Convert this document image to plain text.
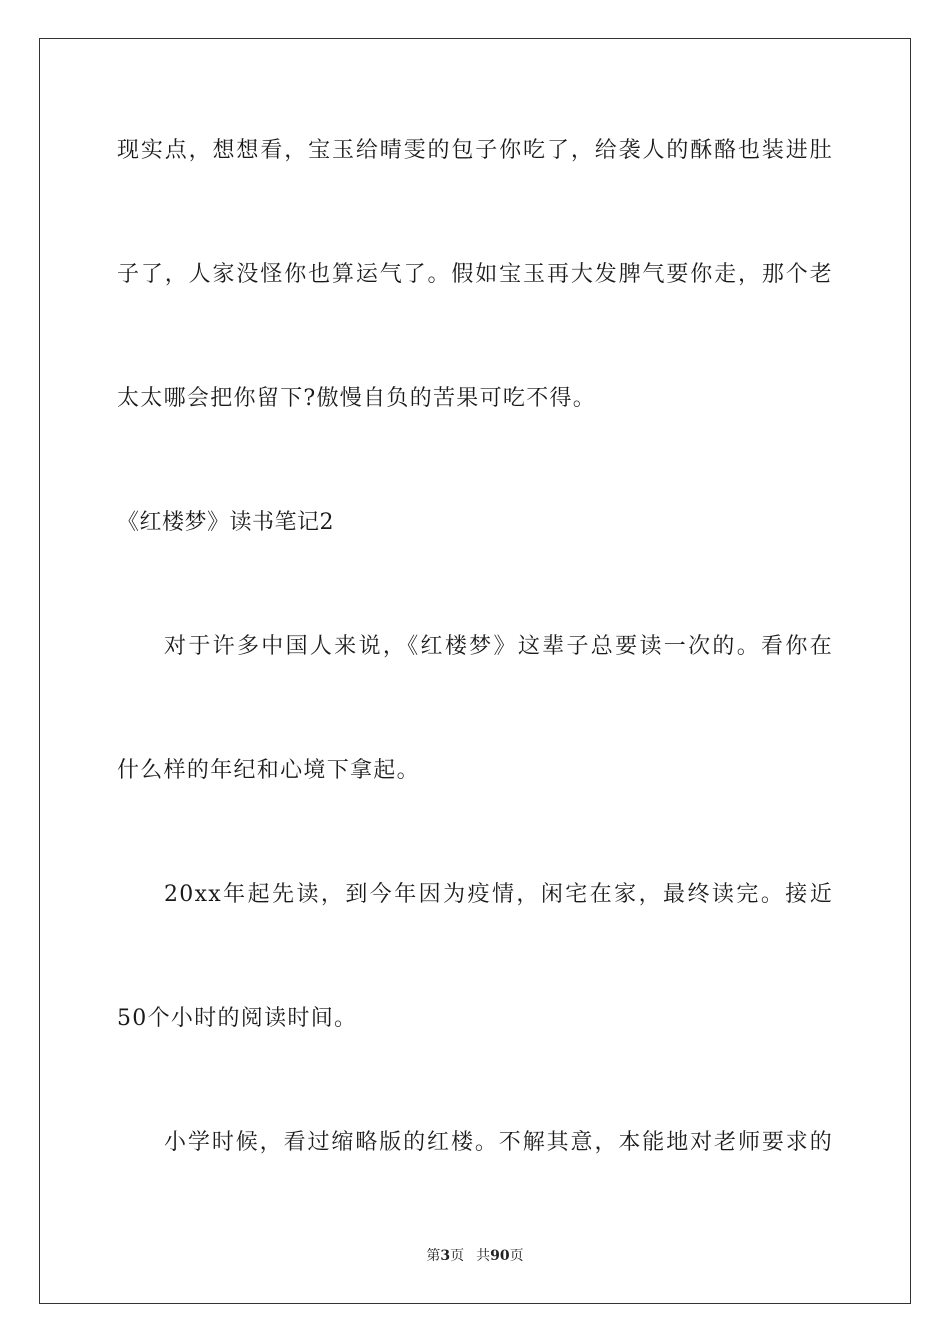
现实点，想想看，宝玉给晴雯的包子你吃了，给袭人的酥酪也装进肚
子了，人家没怪你也算运气了。假如宝玉再大发脾气要你走，那个老
太太哪会把你留下?傲慢自负的苦果可吃不得。
《红楼梦》读书笔记2
对于许多中国人来说，《红楼梦》这辈子总要读一次的。看你在
什么样的年纪和心境下拿起。
20xx年起先读，到今年因为疫情，闲宅在家，最终读完。接近
50个小时的阅读时间。
小学时候，看过缩略版的红楼。不解其意，本能地对老师要求的
第3页 共90页
